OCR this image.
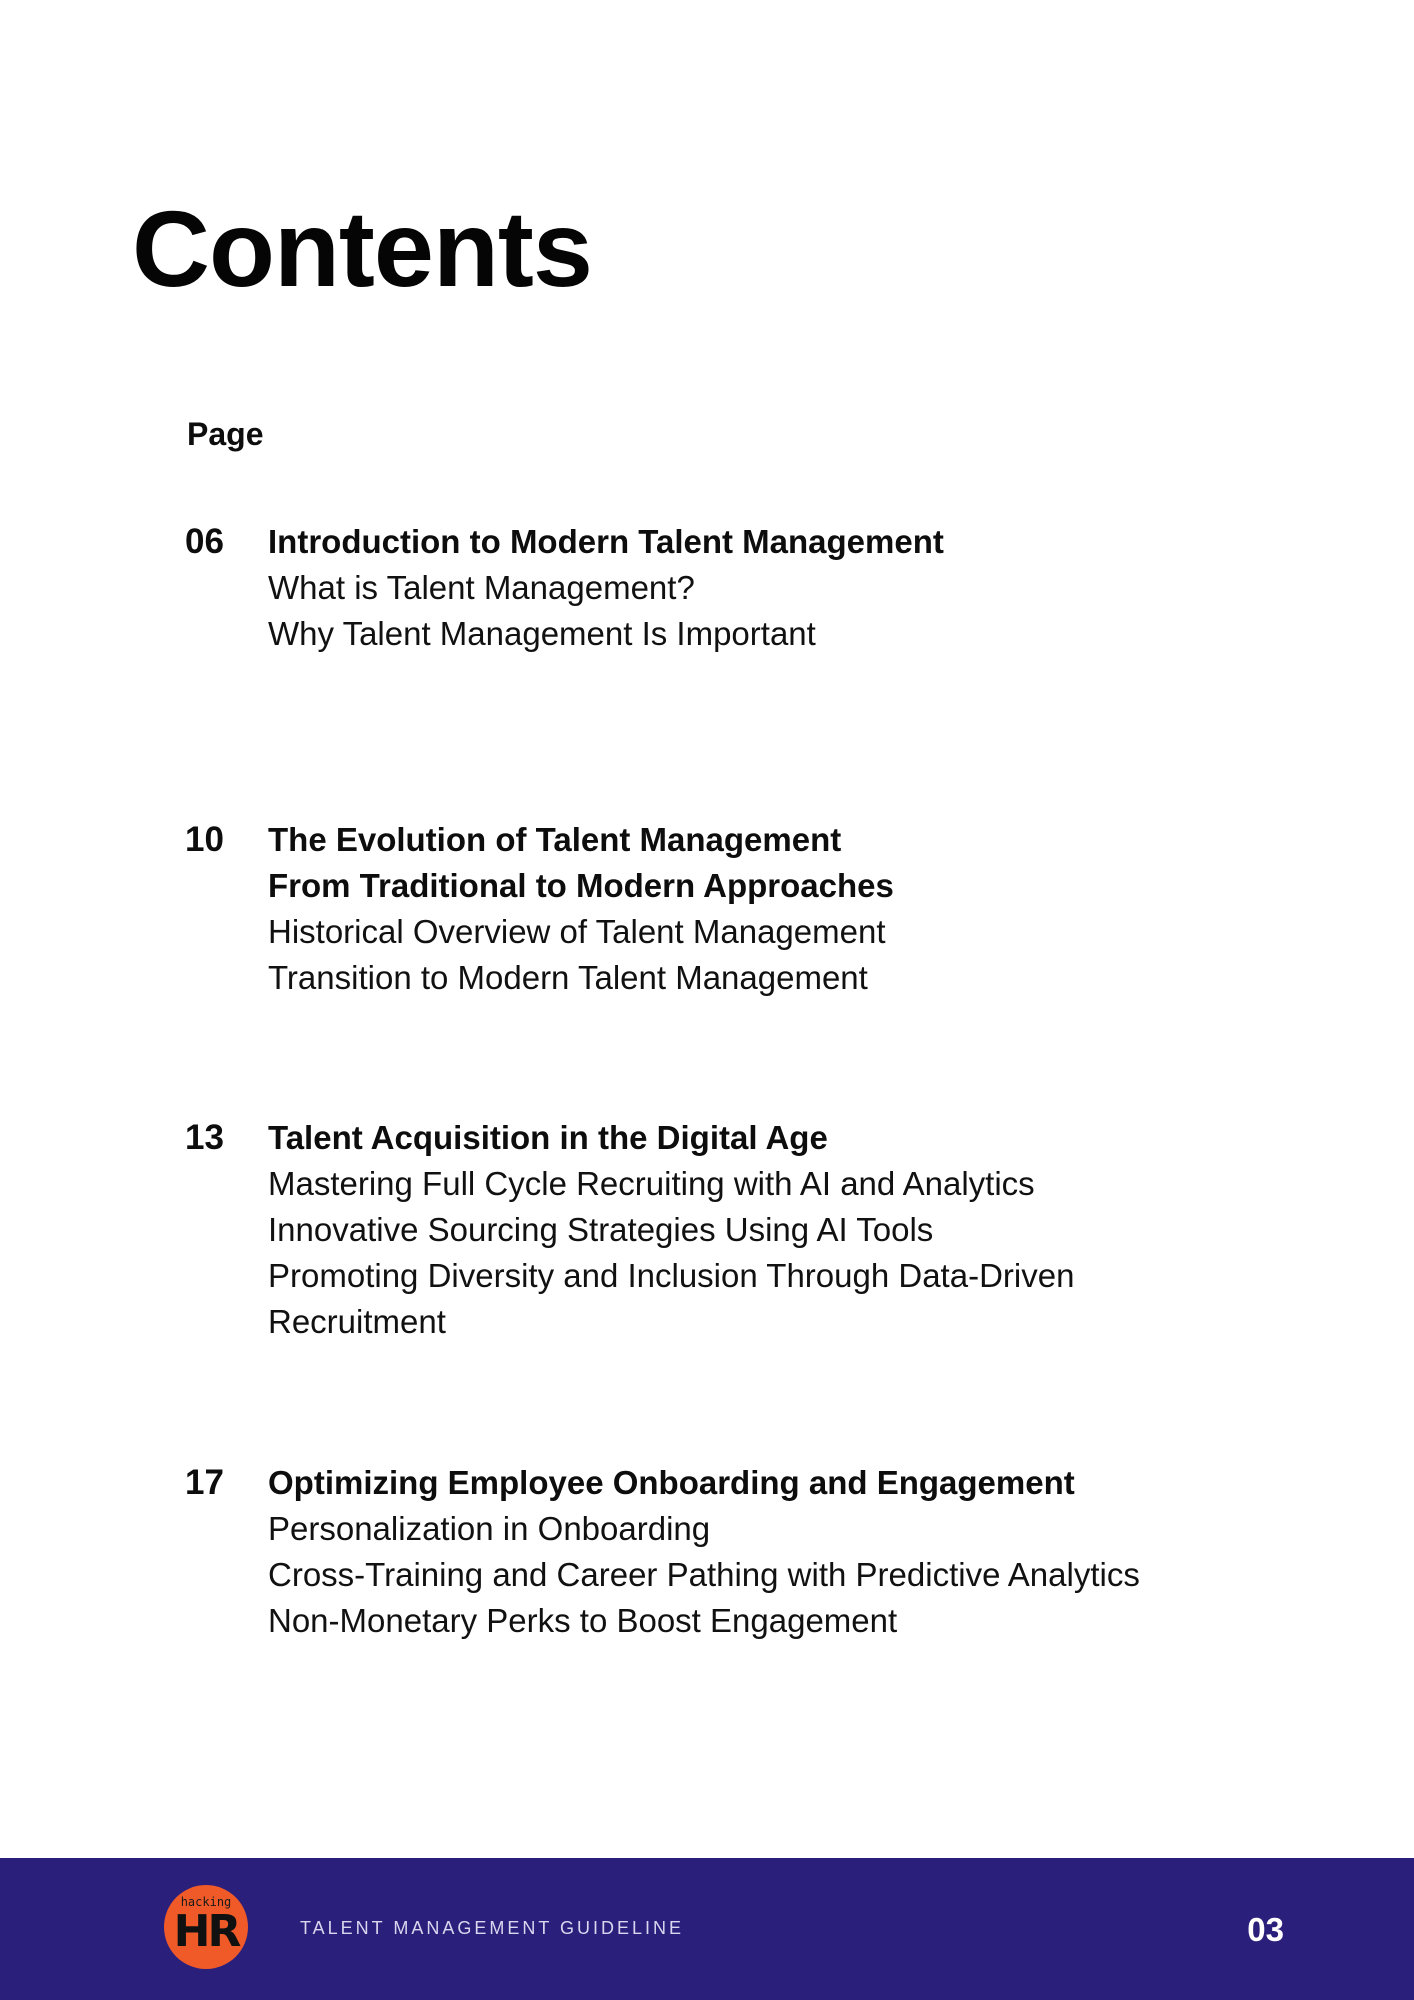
Contents
Page
06 Introduction to Modern Talent Management
What is Talent Management?
Why Talent Management Is Important
10 The Evolution of Talent Management
From Traditional to Modern Approaches
Historical Overview of Talent Management
Transition to Modern Talent Management
13 Talent Acquisition in the Digital Age
Mastering Full Cycle Recruiting with AI and Analytics
Innovative Sourcing Strategies Using AI Tools
Promoting Diversity and Inclusion Through Data-Driven
Recruitment
17 Optimizing Employee Onboarding and Engagement
Personalization in Onboarding
Cross-Training and Career Pathing with Predictive Analytics
Non-Monetary Perks to Boost Engagement
hacking
HR	TALENT MANAGEMENT GUIDELINE	03
